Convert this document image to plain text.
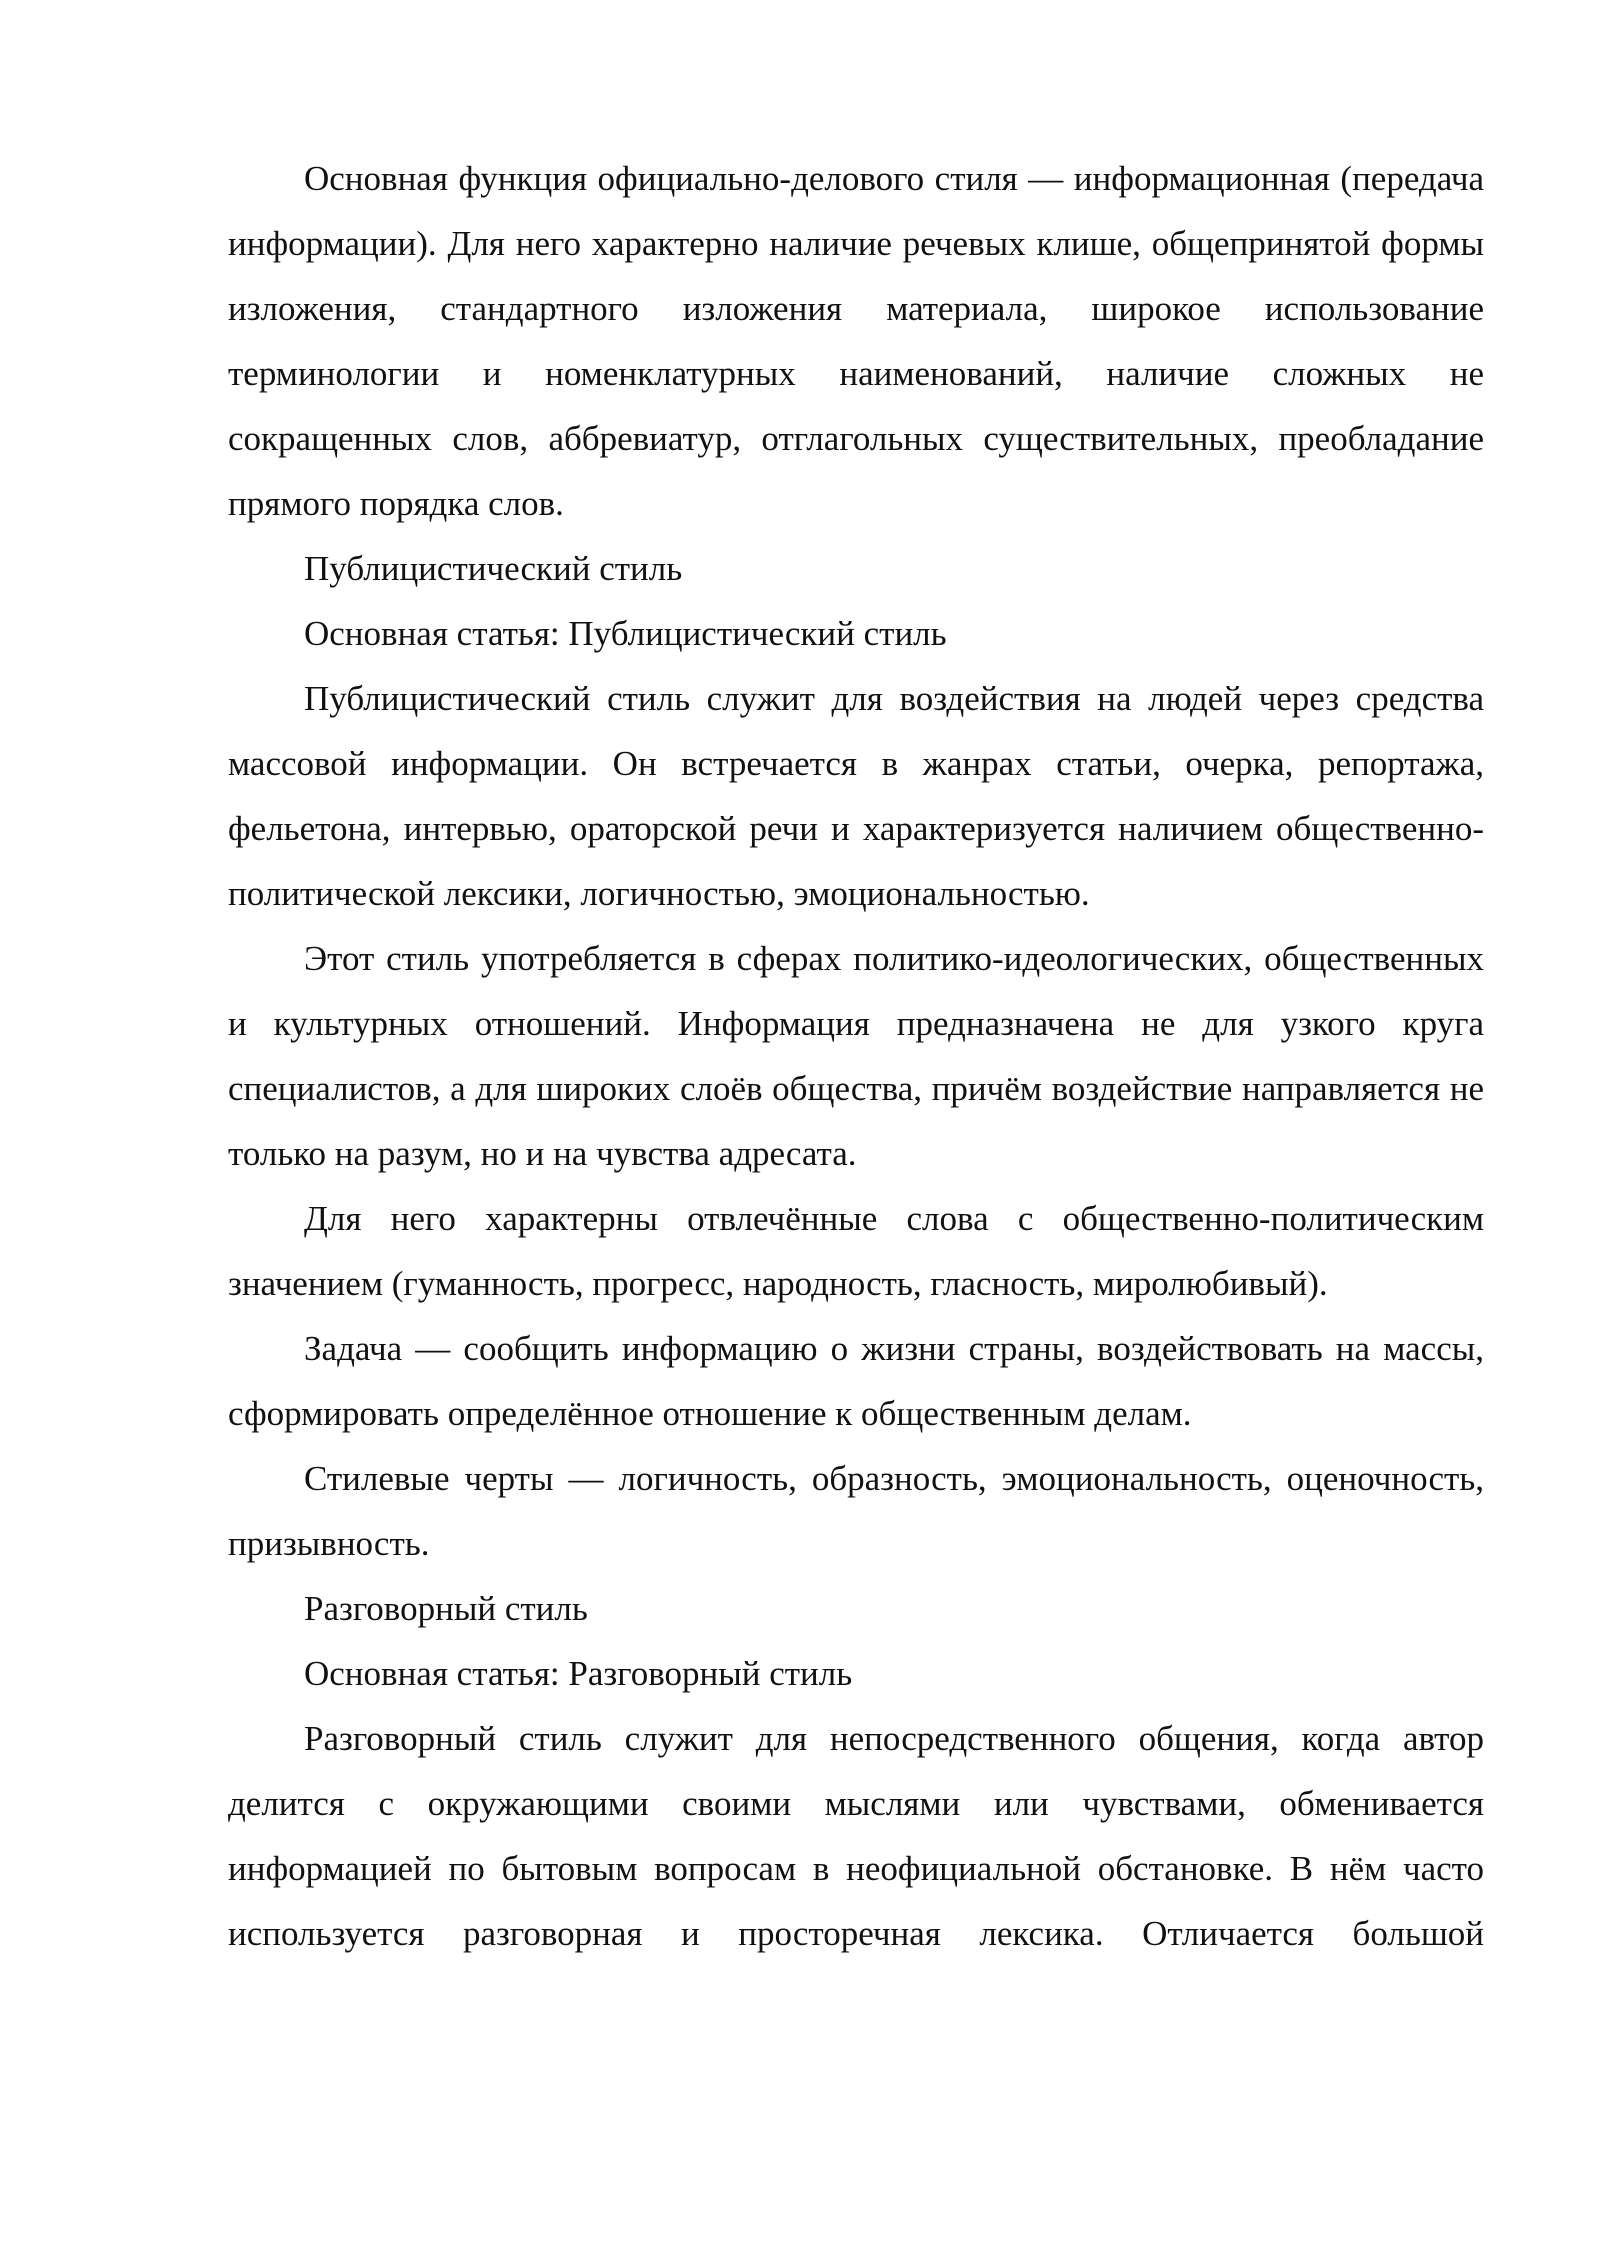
Основная функция официально-делового стиля — информационная (передача информации). Для него характерно наличие речевых клише, общепринятой формы изложения, стандартного изложения материала, широкое использование терминологии и номенклатурных наименований, наличие сложных не сокращенных слов, аббревиатур, отглагольных существительных, преобладание прямого порядка слов.

Публицистический стиль

Основная статья: Публицистический стиль

Публицистический стиль служит для воздействия на людей через средства массовой информации. Он встречается в жанрах статьи, очерка, репортажа, фельетона, интервью, ораторской речи и характеризуется наличием общественно-политической лексики, логичностью, эмоциональностью.

Этот стиль употребляется в сферах политико-идеологических, общественных и культурных отношений. Информация предназначена не для узкого круга специалистов, а для широких слоёв общества, причём воздействие направляется не только на разум, но и на чувства адресата.

Для него характерны отвлечённые слова с общественно-политическим значением (гуманность, прогресс, народность, гласность, миролюбивый).

Задача — сообщить информацию о жизни страны, воздействовать на массы, сформировать определённое отношение к общественным делам.

Стилевые черты — логичность, образность, эмоциональность, оценочность, призывность.

Разговорный стиль

Основная статья: Разговорный стиль

Разговорный стиль служит для непосредственного общения, когда автор делится с окружающими своими мыслями или чувствами, обменивается информацией по бытовым вопросам в неофициальной обстановке. В нём часто используется разговорная и просторечная лексика. Отличается большой
